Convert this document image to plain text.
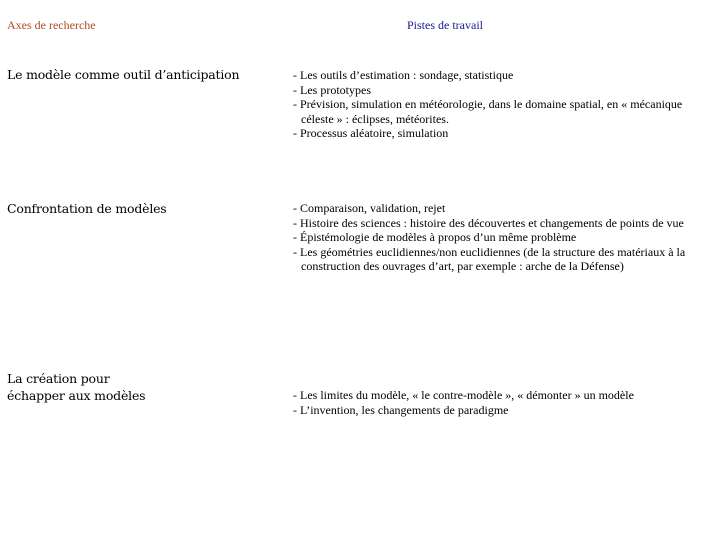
Axes de recherche	Pistes de travail
Le modèle comme outil d’anticipation	- Les outils d’estimation : sondage, statistique
- Les prototypes
- Prévision, simulation en météorologie, dans le domaine spatial, en « mécanique céleste » : éclipses, météorites.
- Processus aléatoire, simulation
Confrontation de modèles	- Comparaison, validation, rejet
- Histoire des sciences : histoire des découvertes et changements de points de vue
- Épistémologie de modèles à propos d’un même problème
- Les géométries euclidiennes/non euclidiennes (de la structure des matériaux à la construction des ouvrages d’art, par exemple : arche de la Défense)
La création pour
échapper aux modèles	- Les limites du modèle, « le contre-modèle », « démonter » un modèle
- L’invention, les changements de paradigme
